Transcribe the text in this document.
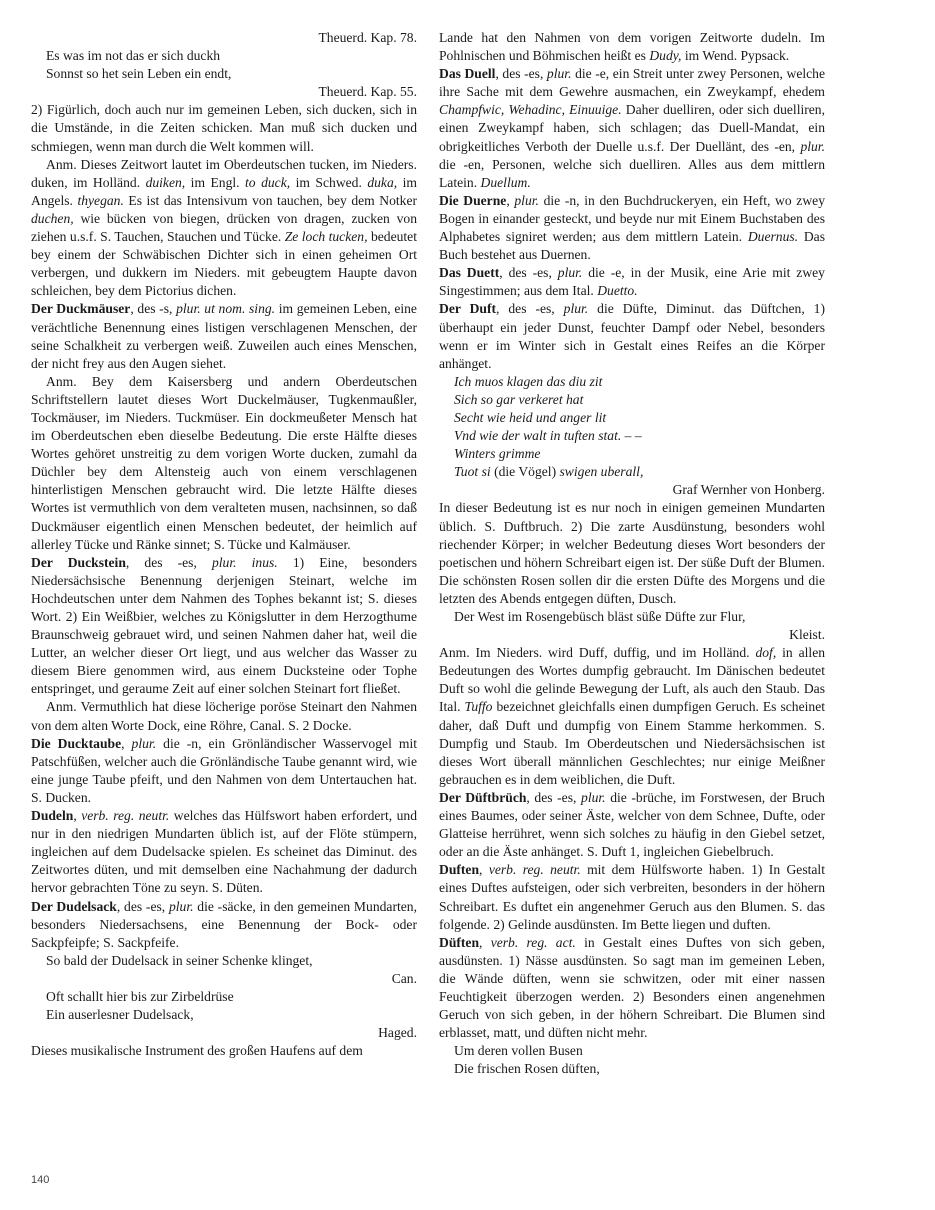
Theuerd. Kap. 78.

Es was im not das er sich duckh

Sonnst so het sein Leben ein endt,

Theuerd. Kap. 55.

2) Figürlich, doch auch nur im gemeinen Leben, sich ducken, sich in die Umstände, in die Zeiten schicken. Man muß sich ducken und schmiegen, wenn man durch die Welt kommen will.

Anm. Dieses Zeitwort lautet im Oberdeutschen tucken, im Nieders. duken, im Holländ. duiken, im Engl. to duck, im Schwed. duka, im Angels. thyegan. Es ist das Intensivum von tauchen, bey dem Notker duchen, wie bücken von biegen, drücken von dragen, zucken von ziehen u.s.f. S. Tauchen, Stauchen und Tücke. Ze loch tucken, bedeutet bey einem der Schwäbischen Dichter sich in einen geheimen Ort verbergen, und dukkern im Nieders. mit gebeugtem Haupte davon schleichen, bey dem Pictorius dichen.

Der Duckmäuser, des -s, plur. ut nom. sing. im gemeinen Leben, eine verächtliche Benennung eines listigen verschlagenen Menschen, der seine Schalkheit zu verbergen weiß. Zuweilen auch eines Menschen, der nicht frey aus den Augen siehet.

Anm. Bey dem Kaisersberg und andern Oberdeutschen Schriftstellern lautet dieses Wort Duckelmäuser, Tugkenmaußler, Tockmäuser, im Nieders. Tuckmüser. Ein dockmeußeter Mensch hat im Oberdeutschen eben dieselbe Bedeutung. Die erste Hälfte dieses Wortes gehöret unstreitig zu dem vorigen Worte ducken, zumahl da Düchler bey dem Altensteig auch von einem verschlagenen hinterlistigen Menschen gebraucht wird. Die letzte Hälfte dieses Wortes ist vermuthlich von dem veralteten musen, nachsinnen, so daß Duckmäuser eigentlich einen Menschen bedeutet, der heimlich auf allerley Tücke und Ränke sinnet; S. Tücke und Kalmäuser.

Der Duckstein, des -es, plur. inus. 1) Eine, besonders Niedersächsische Benennung derjenigen Steinart, welche im Hochdeutschen unter dem Nahmen des Tophes bekannt ist; S. dieses Wort. 2) Ein Weißbier, welches zu Königslutter in dem Herzogthume Braunschweig gebrauet wird, und seinen Nahmen daher hat, weil die Lutter, an welcher dieser Ort liegt, und aus welcher das Wasser zu diesem Biere genommen wird, aus einem Ducksteine oder Tophe entspringet, und geraume Zeit auf einer solchen Steinart fort fließet.

Anm. Vermuthlich hat diese löcherige poröse Steinart den Nahmen von dem alten Worte Dock, eine Röhre, Canal. S. 2 Docke.

Die Ducktaube, plur. die -n, ein Grönländischer Wasservogel mit Patschfüßen, welcher auch die Grönländische Taube genannt wird, wie eine junge Taube pfeift, und den Nahmen von dem Untertauchen hat. S. Ducken.

Dudeln, verb. reg. neutr. welches das Hülfswort haben erfordert, und nur in den niedrigen Mundarten üblich ist, auf der Flöte stümpern, ingleichen auf dem Dudelsacke spielen. Es scheinet das Diminut. des Zeitwortes düten, und mit demselben eine Nachahmung der dadurch hervor gebrachten Töne zu seyn. S. Düten.

Der Dudelsack, des -es, plur. die -säcke, in den gemeinen Mundarten, besonders Niedersachsens, eine Benennung der Bock- oder Sackpfeipfe; S. Sackpfeife.

So bald der Dudelsack in seiner Schenke klinget,

Can.

Oft schallt hier bis zur Zirbeldrüse

Ein auserlesner Dudelsack,

Haged.

Dieses musikalische Instrument des großen Haufens auf dem

Lande hat den Nahmen von dem vorigen Zeitworte dudeln. Im Pohlnischen und Böhmischen heißt es Dudy, im Wend. Pypsack.

Das Duell, des -es, plur. die -e, ein Streit unter zwey Personen, welche ihre Sache mit dem Gewehre ausmachen, ein Zweykampf, ehedem Champfwic, Wehadinc, Einuuige. Daher duelliren, oder sich duelliren, einen Zweykampf haben, sich schlagen; das Duell-Mandat, ein obrigkeitliches Verboth der Duelle u.s.f. Der Duellänt, des -en, plur. die -en, Personen, welche sich duelliren. Alles aus dem mittlern Latein. Duellum.

Die Duerne, plur. die -n, in den Buchdruckeryen, ein Heft, wo zwey Bogen in einander gesteckt, und beyde nur mit Einem Buchstaben des Alphabetes signiret werden; aus dem mittlern Latein. Duernus. Das Buch bestehet aus Duernen.

Das Duett, des -es, plur. die -e, in der Musik, eine Arie mit zwey Singestimmen; aus dem Ital. Duetto.

Der Duft, des -es, plur. die Düfte, Diminut. das Düftchen, 1) überhaupt ein jeder Dunst, feuchter Dampf oder Nebel, besonders wenn er im Winter sich in Gestalt eines Reifes an die Körper anhänget.

Ich muos klagen das diu zit

Sich so gar verkeret hat

Secht wie heid und anger lit

Vnd wie der walt in tuften stat. – –

Winters grimme

Tuot si (die Vögel) swigen uberall,

Graf Wernher von Honberg.

In dieser Bedeutung ist es nur noch in einigen gemeinen Mundarten üblich. S. Duftbruch. 2) Die zarte Ausdünstung, besonders wohl riechender Körper; in welcher Bedeutung dieses Wort besonders der poetischen und höhern Schreibart eigen ist. Der süße Duft der Blumen. Die schönsten Rosen sollen dir die ersten Düfte des Morgens und die letzten des Abends entgegen düften, Dusch.

Der West im Rosengebüsch bläst süße Düfte zur Flur,

Kleist.

Anm. Im Nieders. wird Duff, duffig, und im Holländ. dof, in allen Bedeutungen des Wortes dumpfig gebraucht. Im Dänischen bedeutet Duft so wohl die gelinde Bewegung der Luft, als auch den Staub. Das Ital. Tuffo bezeichnet gleichfalls einen dumpfigen Geruch. Es scheinet daher, daß Duft und dumpfig von Einem Stamme herkommen. S. Dumpfig und Staub. Im Oberdeutschen und Niedersächsischen ist dieses Wort überall männlichen Geschlechtes; nur einige Meißner gebrauchen es in dem weiblichen, die Duft.

Der Düftbrüch, des -es, plur. die -brüche, im Forstwesen, der Bruch eines Baumes, oder seiner Äste, welcher von dem Schnee, Dufte, oder Glatteise herrühret, wenn sich solches zu häufig in den Giebel setzet, oder an die Äste anhänget. S. Duft 1, ingleichen Giebelbruch.

Duften, verb. reg. neutr. mit dem Hülfsworte haben. 1) In Gestalt eines Duftes aufsteigen, oder sich verbreiten, besonders in der höhern Schreibart. Es duftet ein angenehmer Geruch aus den Blumen. S. das folgende. 2) Gelinde ausdünsten. Im Bette liegen und duften.

Düften, verb. reg. act. in Gestalt eines Duftes von sich geben, ausdünsten. 1) Nässe ausdünsten. So sagt man im gemeinen Leben, die Wände düften, wenn sie schwitzen, oder mit einer nassen Feuchtigkeit überzogen werden. 2) Besonders einen angenehmen Geruch von sich geben, in der höhern Schreibart. Die Blumen sind erblasset, matt, und düften nicht mehr.

Um deren vollen Busen

Die frischen Rosen düften,

140
